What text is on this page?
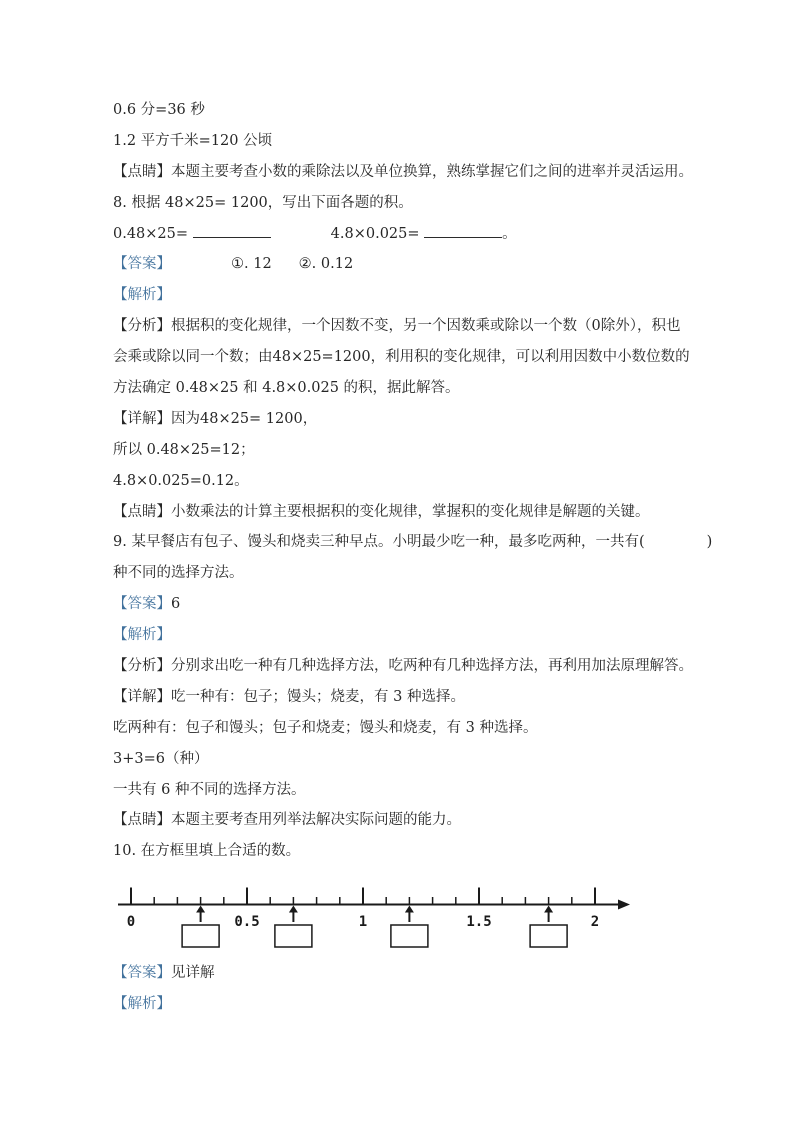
0.6 分=36 秒
1.2 平方千米=120 公顷
【点睛】本题主要考查小数的乘除法以及单位换算，熟练掌握它们之间的进率并灵活运用。
8. 根据 48×25= 1200，写出下面各题的积。
0.48×25=	4.8×0.025=	。
【答案】	①. 12 ②. 0.12
【解析】
【分析】根据积的变化规律，一个因数不变，另一个因数乘或除以一个数（0除外），积也
会乘或除以同一个数；由48×25=1200，利用积的变化规律，可以利用因数中小数位数的
方法确定 0.48×25 和 4.8×0.025 的积，据此解答。
【详解】因为48×25= 1200，
所以 0.48×25=12；
4.8×0.025=0.12。
【点睛】小数乘法的计算主要根据积的变化规律，掌握积的变化规律是解题的关键。
9. 某早餐店有包子、馒头和烧卖三种早点。小明最少吃一种，最多吃两种，一共有(	)
种不同的选择方法。
【答案】6
【解析】
【分析】分别求出吃一种有几种选择方法，吃两种有几种选择方法，再利用加法原理解答。
【详解】吃一种有：包子；馒头；烧麦，有 3 种选择。
吃两种有：包子和馒头；包子和烧麦；馒头和烧麦，有 3 种选择。
3+3=6（种）
一共有 6 种不同的选择方法。
【点睛】本题主要考查用列举法解决实际问题的能力。
10. 在方框里填上合适的数。
0	0.5	1	1.5	2
【答案】见详解
【解析】
